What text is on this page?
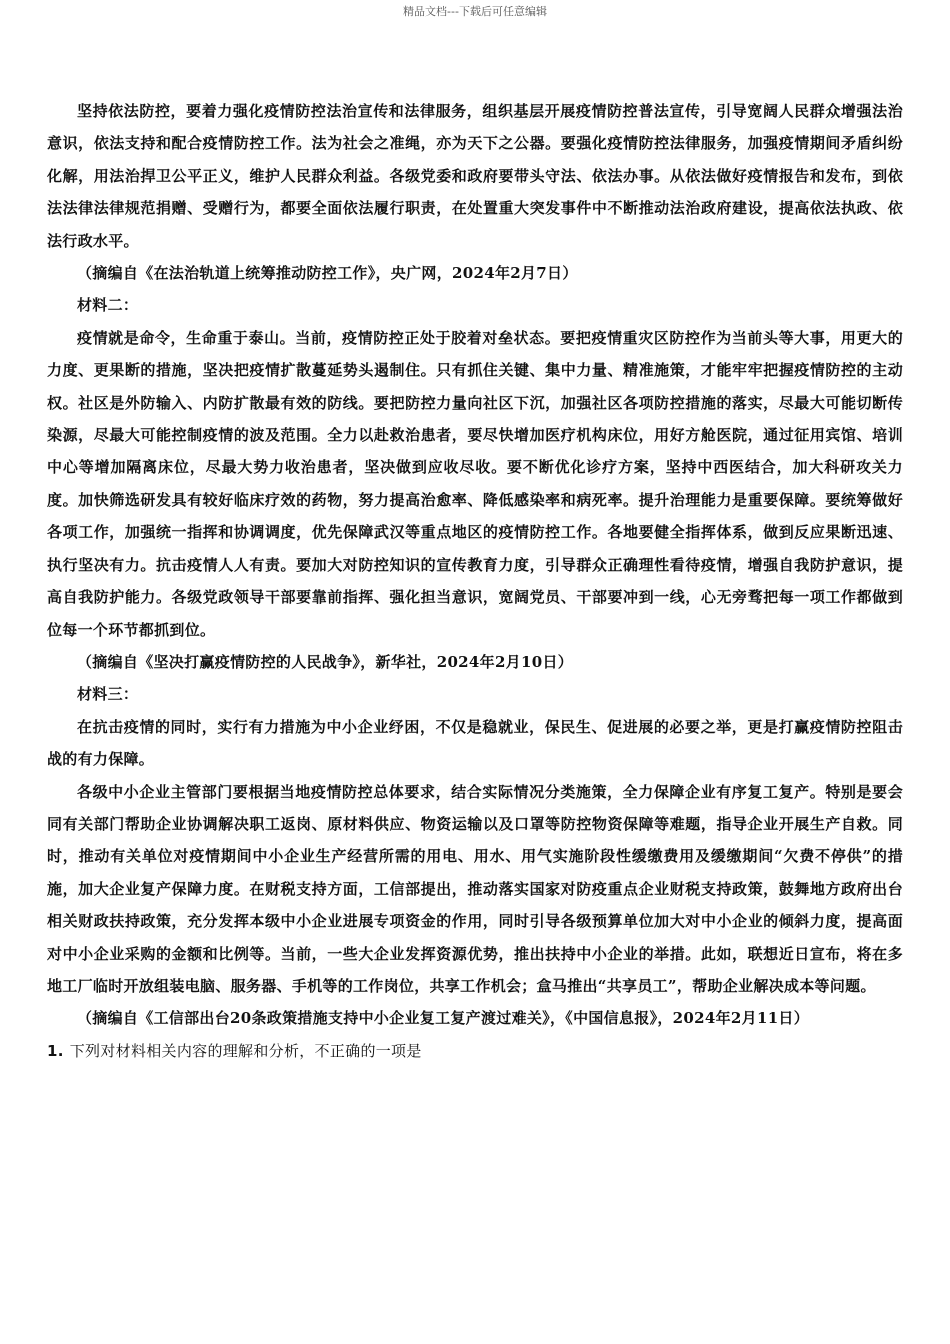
精品文档---下载后可任意编辑

坚持依法防控，要着力强化疫情防控法治宣传和法律服务，组织基层开展疫情防控普法宣传，引导宽阔人民群众增强法治意识，依法支持和配合疫情防控工作。法为社会之准绳，亦为天下之公器。要强化疫情防控法律服务，加强疫情期间矛盾纠纷化解，用法治捍卫公平正义，维护人民群众利益。各级党委和政府要带头守法、依法办事。从依法做好疫情报告和发布，到依法法律法律规范捐赠、受赠行为，都要全面依法履行职责，在处置重大突发事件中不断推动法治政府建设，提高依法执政、依法行政水平。

（摘编自《在法治轨道上统筹推动防控工作》，央广网，2024年2月7日）

材料二：

疫情就是命令，生命重于泰山。当前，疫情防控正处于胶着对垒状态。要把疫情重灾区防控作为当前头等大事，用更大的力度、更果断的措施，坚决把疫情扩散蔓延势头遏制住。只有抓住关键、集中力量、精准施策，才能牢牢把握疫情防控的主动权。社区是外防输入、内防扩散最有效的防线。要把防控力量向社区下沉，加强社区各项防控措施的落实，尽最大可能切断传染源，尽最大可能控制疫情的波及范围。全力以赴救治患者，要尽快增加医疗机构床位，用好方舱医院，通过征用宾馆、培训中心等增加隔离床位，尽最大势力收治患者，坚决做到应收尽收。要不断优化诊疗方案，坚持中西医结合，加大科研攻关力度。加快筛选研发具有较好临床疗效的药物，努力提高治愈率、降低感染率和病死率。提升治理能力是重要保障。要统筹做好各项工作，加强统一指挥和协调调度，优先保障武汉等重点地区的疫情防控工作。各地要健全指挥体系，做到反应果断迅速、执行坚决有力。抗击疫情人人有责。要加大对防控知识的宣传教育力度，引导群众正确理性看待疫情，增强自我防护意识，提高自我防护能力。各级党政领导干部要靠前指挥、强化担当意识，宽阔党员、干部要冲到一线，心无旁骛把每一项工作都做到位每一个环节都抓到位。

（摘编自《坚决打赢疫情防控的人民战争》，新华社，2024年2月10日）

材料三：

在抗击疫情的同时，实行有力措施为中小企业纾困，不仅是稳就业，保民生、促进展的必要之举，更是打赢疫情防控阻击战的有力保障。

各级中小企业主管部门要根据当地疫情防控总体要求，结合实际情况分类施策，全力保障企业有序复工复产。特别是要会同有关部门帮助企业协调解决职工返岗、原材料供应、物资运输以及口罩等防控物资保障等难题，指导企业开展生产自救。同时，推动有关单位对疫情期间中小企业生产经营所需的用电、用水、用气实施阶段性缓缴费用及缓缴期间“欠费不停供”的措施，加大企业复产保障力度。在财税支持方面，工信部提出，推动落实国家对防疫重点企业财税支持政策，鼓舞地方政府出台相关财政扶持政策，充分发挥本级中小企业进展专项资金的作用，同时引导各级预算单位加大对中小企业的倾斜力度，提高面对中小企业采购的金额和比例等。当前，一些大企业发挥资源优势，推出扶持中小企业的举措。此如，联想近日宣布，将在多地工厂临时开放组装电脑、服务器、手机等的工作岗位，共享工作机会；盒马推出“共享员工”，帮助企业解决成本等问题。

（摘编自《工信部出台20条政策措施支持中小企业复工复产渡过难关》，《中国信息报》，2024年2月11日）

1. 下列对材料相关内容的理解和分析，不正确的一项是
